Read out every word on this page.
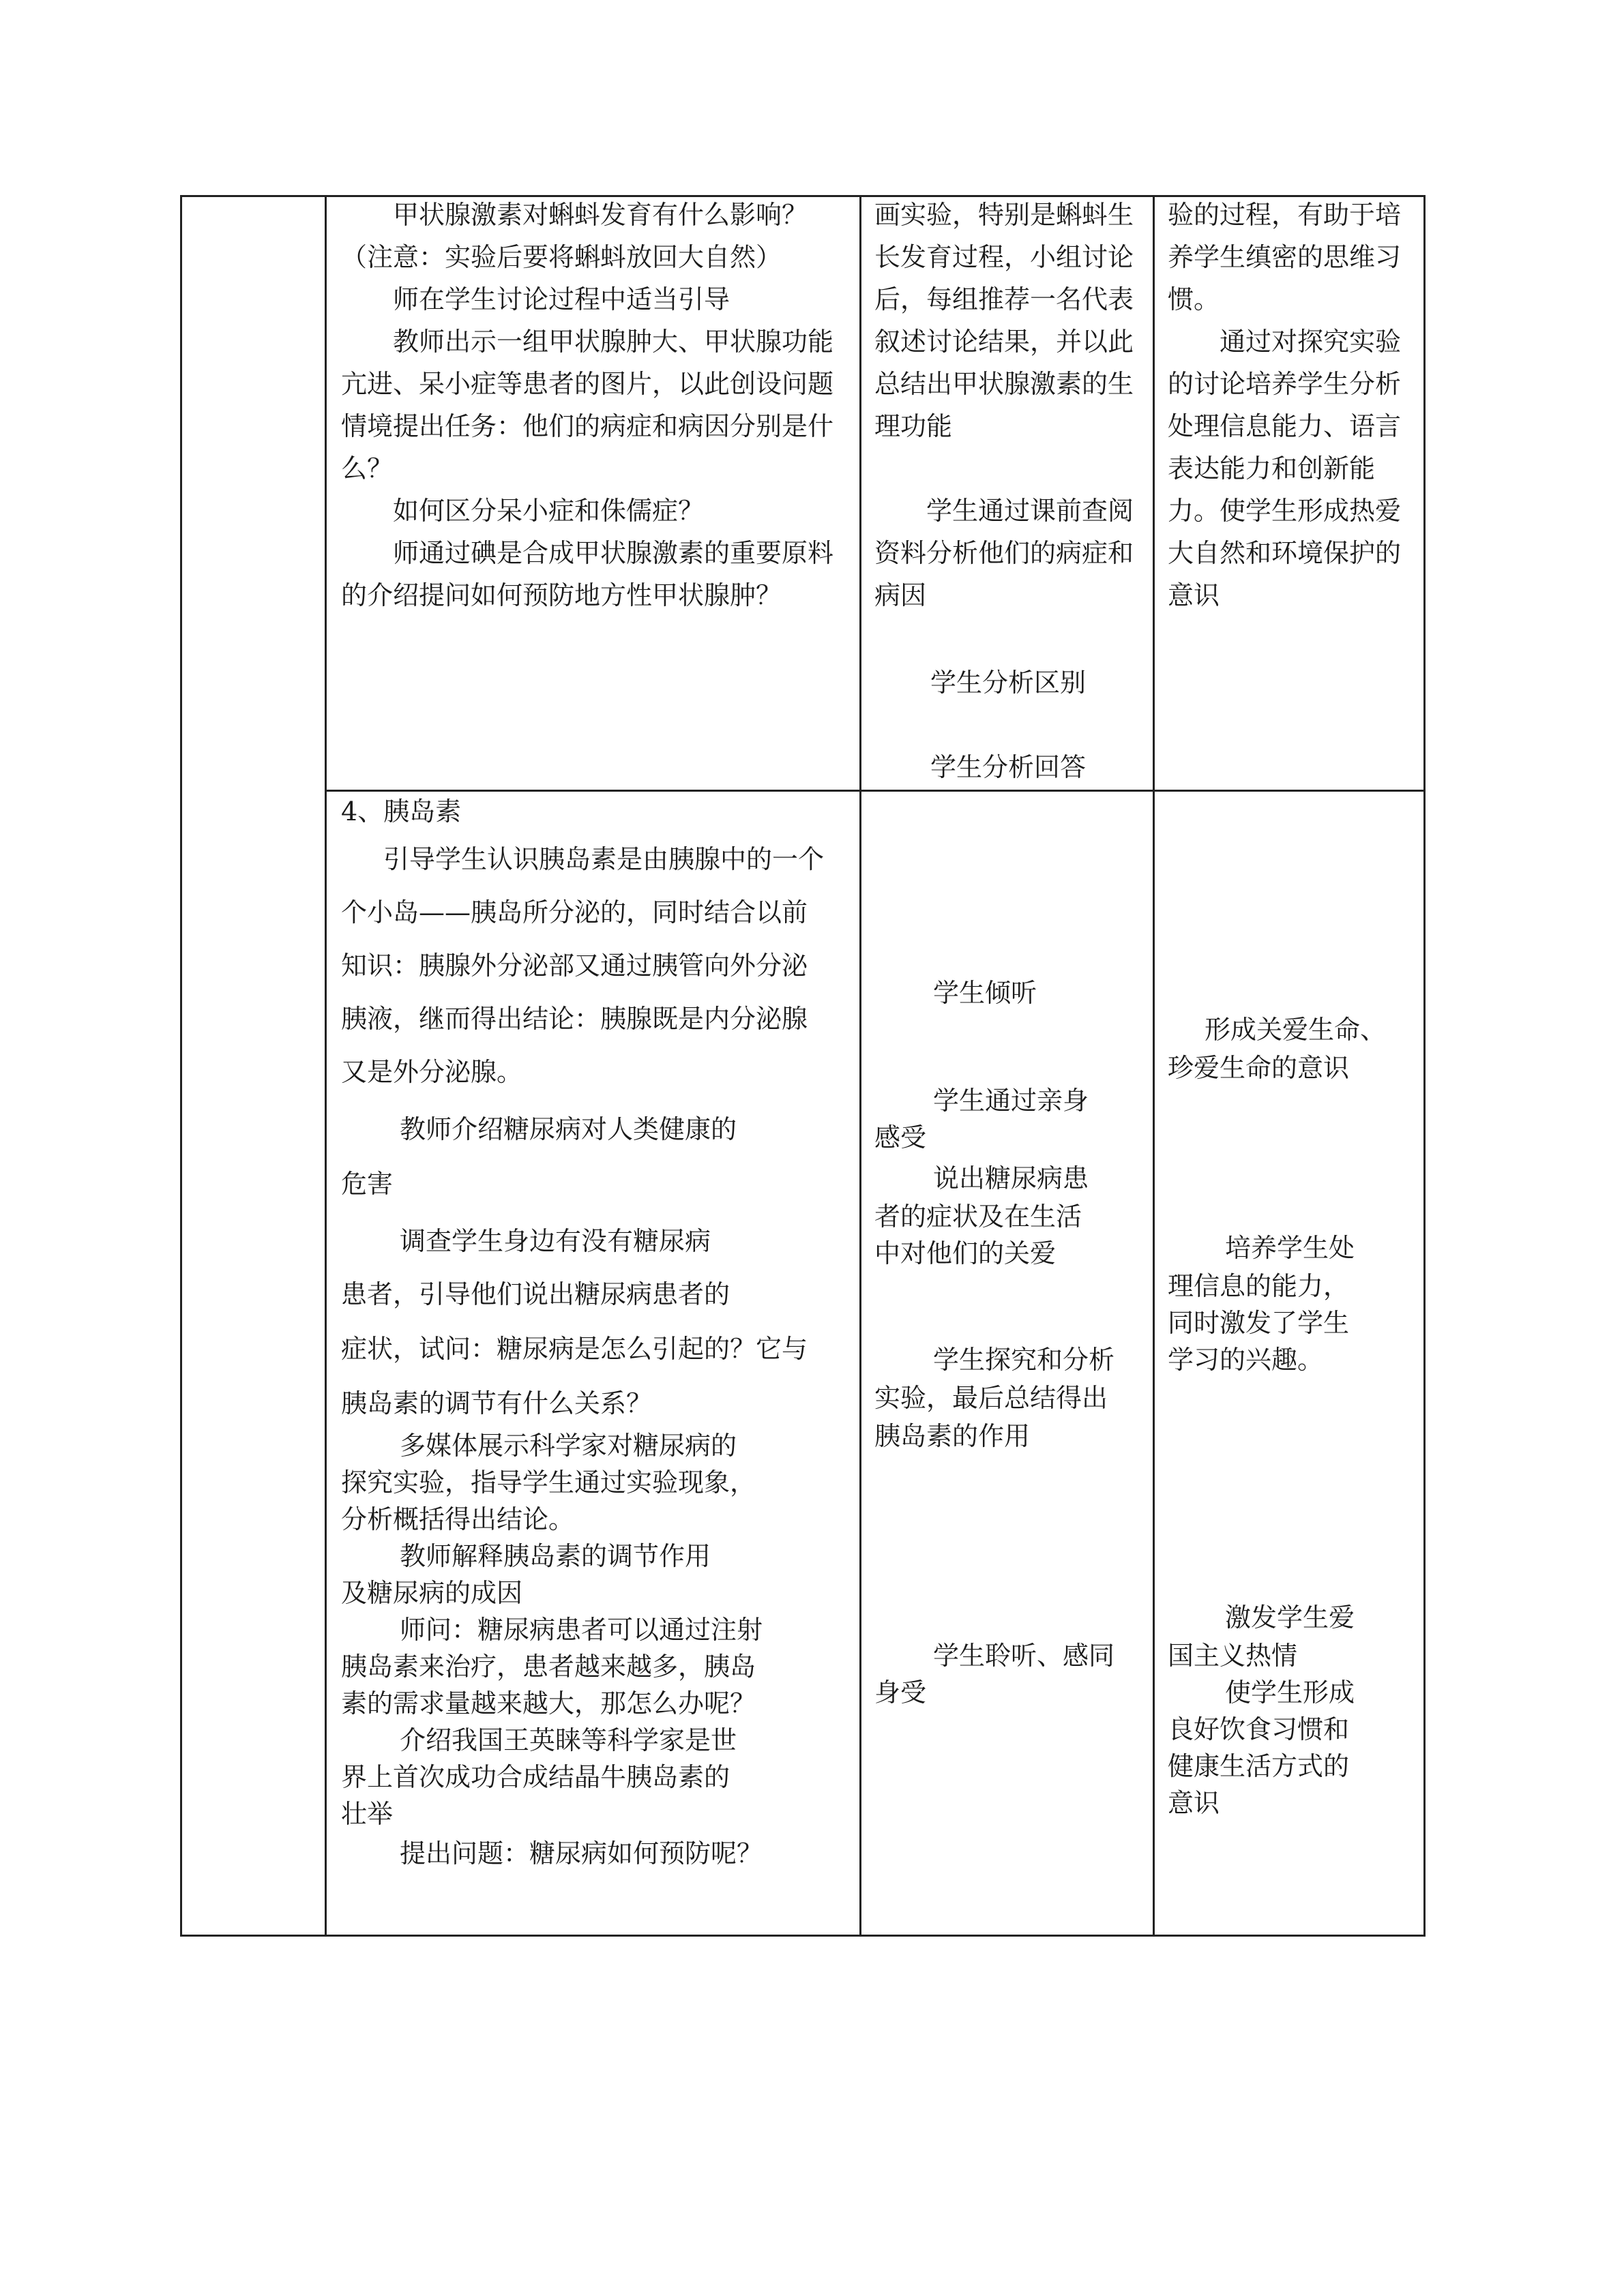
甲状腺激素对蝌蚪发育有什么影响？（注意：实验后要将蝌蚪放回大自然）

师在学生讨论过程中适当引导

教师出示一组甲状腺肿大、甲状腺功能亢进、呆小症等患者的图片，以此创设问题情境提出任务：他们的病症和病因分别是什么？

如何区分呆小症和侏儒症？

师通过碘是合成甲状腺激素的重要原料的介绍提问如何预防地方性甲状腺肿？

画实验，特别是蝌蚪生长发育过程，小组讨论后，每组推荐一名代表叙述讨论结果，并以此总结出甲状腺激素的生理功能

学生通过课前查阅资料分析他们的病症和病因

学生分析区别

学生分析回答

验的过程，有助于培养学生缜密的思维习惯。

通过对探究实验的讨论培养学生分析处理信息能力、语言表达能力和创新能力。使学生形成热爱大自然和环境保护的意识

4、胰岛素

引导学生认识胰岛素是由胰腺中的一个

个小岛——胰岛所分泌的，同时结合以前

知识：胰腺外分泌部又通过胰管向外分泌

胰液，继而得出结论：胰腺既是内分泌腺

又是外分泌腺。

教师介绍糖尿病对人类健康的

危害

调查学生身边有没有糖尿病

患者，引导他们说出糖尿病患者的

症状，试问：糖尿病是怎么引起的？它与

胰岛素的调节有什么关系？

多媒体展示科学家对糖尿病的

探究实验，指导学生通过实验现象，

分析概括得出结论。

教师解释胰岛素的调节作用

及糖尿病的成因

师问：糖尿病患者可以通过注射

胰岛素来治疗，患者越来越多，胰岛

素的需求量越来越大，那怎么办呢？

介绍我国王英睐等科学家是世

界上首次成功合成结晶牛胰岛素的

壮举

提出问题：糖尿病如何预防呢？

学生倾听

学生通过亲身

感受

说出糖尿病患

者的症状及在生活

中对他们的关爱

学生探究和分析

实验，最后总结得出

胰岛素的作用

学生聆听、感同

身受

形成关爱生命、

珍爱生命的意识

培养学生处

理信息的能力，

同时激发了学生

学习的兴趣。

激发学生爱

国主义热情

使学生形成

良好饮食习惯和

健康生活方式的

意识
